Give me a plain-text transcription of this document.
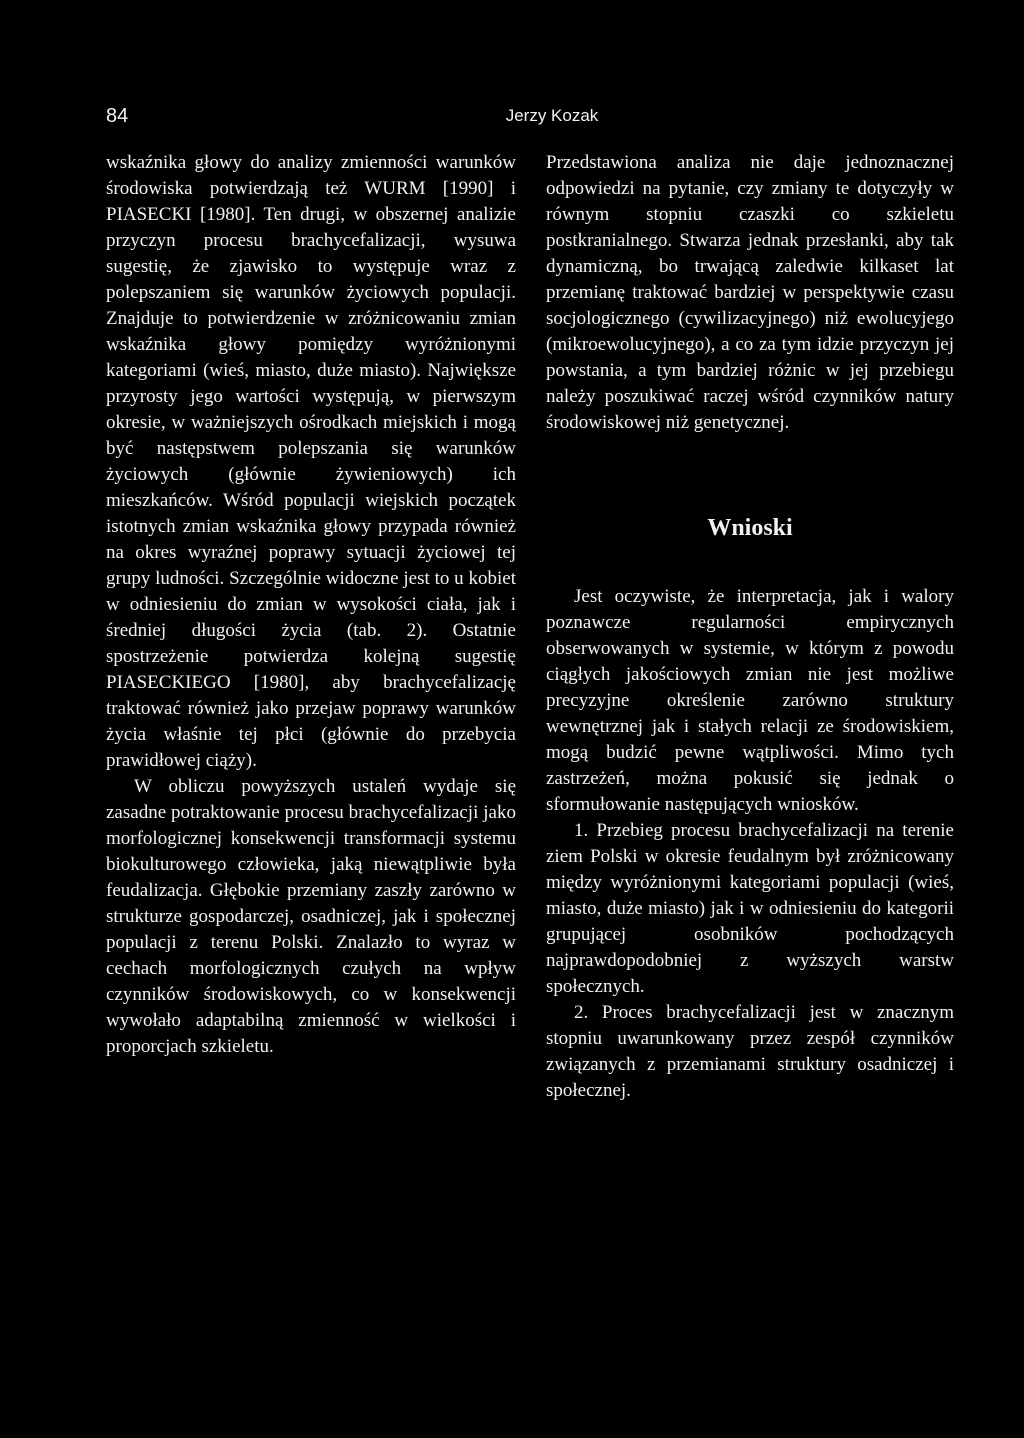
84	Jerzy Kozak

wskaźnika głowy do analizy zmienności warunków środowiska potwierdzają też WURM [1990] i PIASECKI [1980]. Ten drugi, w obszernej analizie przyczyn procesu brachycefalizacji, wysuwa sugestię, że zjawisko to występuje wraz z polepszaniem się warunków życiowych populacji. Znajduje to potwierdzenie w zróżnicowaniu zmian wskaźnika głowy pomiędzy wyróżnionymi kategoriami (wieś, miasto, duże miasto). Największe przyrosty jego wartości występują, w pierwszym okresie, w ważniejszych ośrodkach miejskich i mogą być następstwem polepszania się warunków życiowych (głównie żywieniowych) ich mieszkańców. Wśród populacji wiejskich początek istotnych zmian wskaźnika głowy przypada również na okres wyraźnej poprawy sytuacji życiowej tej grupy ludności. Szczególnie widoczne jest to u kobiet w odniesieniu do zmian w wysokości ciała, jak i średniej długości życia (tab. 2). Ostatnie spostrzeżenie potwierdza kolejną sugestię PIASECKIEGO [1980], aby brachycefalizację traktować również jako przejaw poprawy warunków życia właśnie tej płci (głównie do przebycia prawidłowej ciąży).

W obliczu powyższych ustaleń wydaje się zasadne potraktowanie procesu brachycefalizacji jako morfologicznej konsekwencji transformacji systemu biokulturowego człowieka, jaką niewątpliwie była feudalizacja. Głębokie przemiany zaszły zarówno w strukturze gospodarczej, osadniczej, jak i społecznej populacji z terenu Polski. Znalazło to wyraz w cechach morfologicznych czułych na wpływ czynników środowiskowych, co w konsekwencji wywołało adaptabilną zmienność w wielkości i proporcjach szkieletu.

Przedstawiona analiza nie daje jednoznacznej odpowiedzi na pytanie, czy zmiany te dotyczyły w równym stopniu czaszki co szkieletu postkranialnego. Stwarza jednak przesłanki, aby tak dynamiczną, bo trwającą zaledwie kilkaset lat przemianę traktować bardziej w perspektywie czasu socjologicznego (cywilizacyjnego) niż ewolucyjego (mikroewolucyjnego), a co za tym idzie przyczyn jej powstania, a tym bardziej różnic w jej przebiegu należy poszukiwać raczej wśród czynników natury środowiskowej niż genetycznej.

Wnioski

Jest oczywiste, że interpretacja, jak i walory poznawcze regularności empirycznych obserwowanych w systemie, w którym z powodu ciągłych jakościowych zmian nie jest możliwe precyzyjne określenie zarówno struktury wewnętrznej jak i stałych relacji ze środowiskiem, mogą budzić pewne wątpliwości. Mimo tych zastrzeżeń, można pokusić się jednak o sformułowanie następujących wniosków.

1. Przebieg procesu brachycefalizacji na terenie ziem Polski w okresie feudalnym był zróżnicowany między wyróżnionymi kategoriami populacji (wieś, miasto, duże miasto) jak i w odniesieniu do kategorii grupującej osobników pochodzących najprawdopodobniej z wyższych warstw społecznych.

2. Proces brachycefalizacji jest w znacznym stopniu uwarunkowany przez zespół czynników związanych z przemianami struktury osadniczej i społecznej.
